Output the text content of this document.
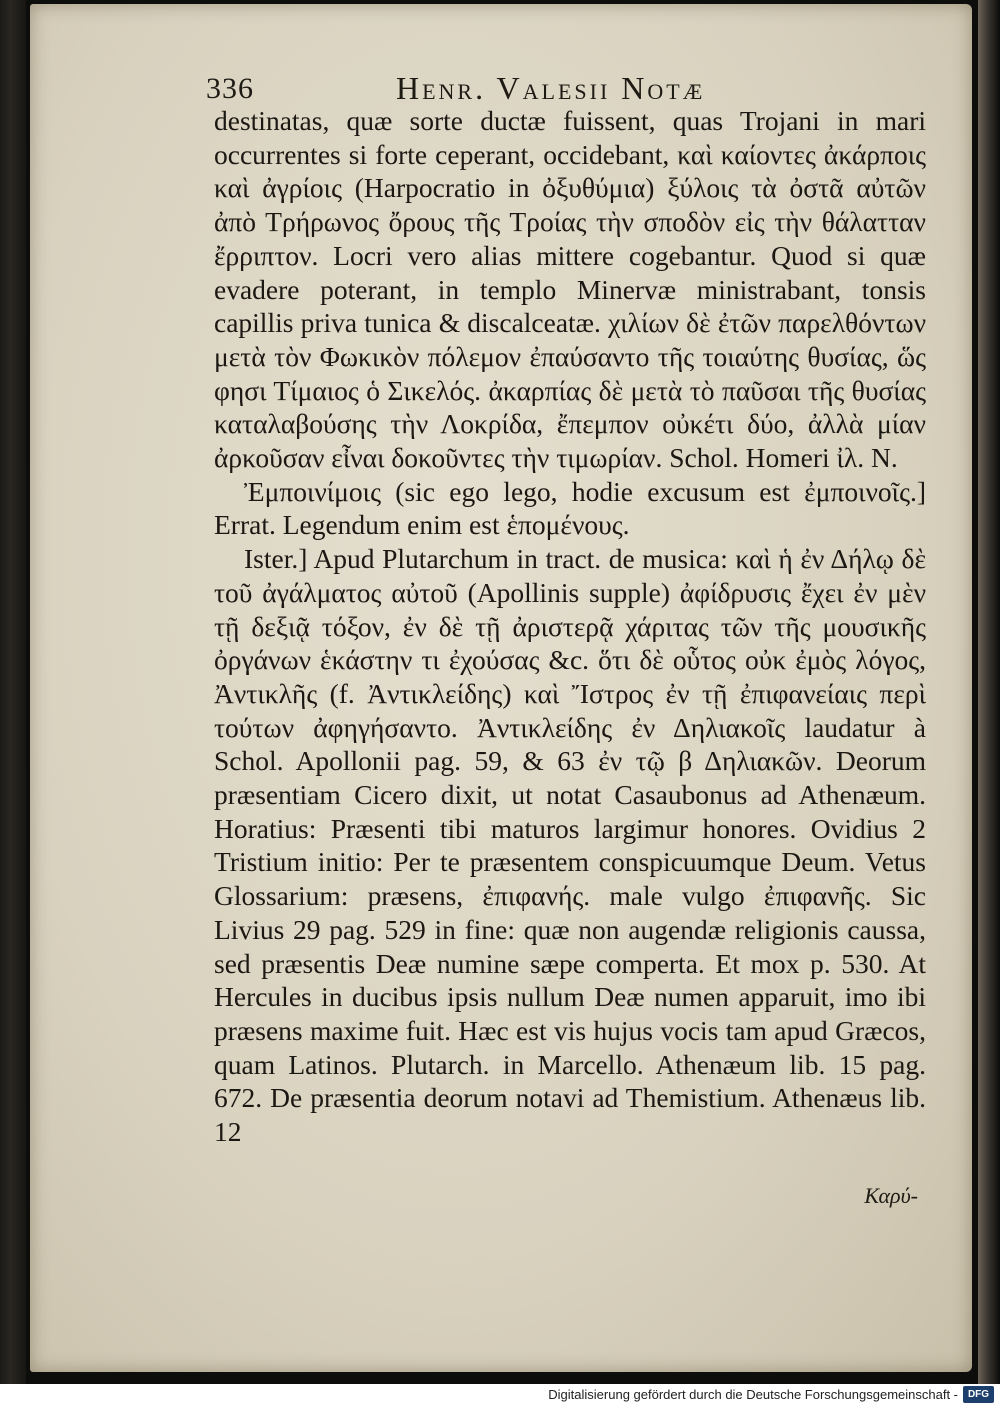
336	Henr. Valesii Notæ

destinatas, quæ sorte ductæ fuissent, quas Trojani in mari occurrentes si forte ceperant, occidebant, καὶ καίοντες ἀκάρποις καὶ ἀγρίοις (Harpocratio in ὀξυθύμια) ξύλοις τὰ ὀστᾶ αὐτῶν ἀπὸ Τρήρωνος ὄρους τῆς Τροίας τὴν σποδὸν εἰς τὴν θάλατταν ἔρριπτον. Locri vero alias mittere cogebantur. Quod si quæ evadere poterant, in templo Minervæ ministrabant, tonsis capillis priva tunica & discalceatæ. χιλίων δὲ ἐτῶν παρελθόντων μετὰ τὸν Φωκικὸν πόλεμον ἐπαύσαντο τῆς τοιαύτης θυσίας, ὥς φησι Τίμαιος ὁ Σικελός. ἀκαρπίας δὲ μετὰ τὸ παῦσαι τῆς θυσίας καταλαβούσης τὴν Λοκρίδα, ἔπεμπον οὐκέτι δύο, ἀλλὰ μίαν ἀρκοῦσαν εἶναι δοκοῦντες τὴν τιμωρίαν. Schol. Homeri ἰλ. N.

Ἐμποινίμοις (sic ego lego, hodie excusum est ἐμποινοῖς.] Errat. Legendum enim est ἑπομένους.

Ister.] Apud Plutarchum in tract. de musica: καὶ ἡ ἐν Δήλῳ δὲ τοῦ ἀγάλματος αὐτοῦ (Apollinis supple) ἀφίδρυσις ἔχει ἐν μὲν τῇ δεξιᾷ τόξον, ἐν δὲ τῇ ἀριστερᾷ χάριτας τῶν τῆς μουσικῆς ὀργάνων ἑκάστην τι ἐχούσας &c. ὅτι δὲ οὗτος οὐκ ἐμὸς λόγος, Ἀντικλῆς (f. Ἀντικλείδης) καὶ Ἴστρος ἐν τῇ ἐπιφανείαις περὶ τούτων ἀφηγήσαντο. Ἀντικλείδης ἐν Δηλιακοῖς laudatur à Schol. Apollonii pag. 59, & 63 ἐν τῷ β Δηλιακῶν. Deorum præsentiam Cicero dixit, ut notat Casaubonus ad Athenæum. Horatius: Præsenti tibi maturos largimur honores. Ovidius 2 Tristium initio: Per te præsentem conspicuumque Deum. Vetus Glossarium: præsens, ἐπιφανής. male vulgo ἐπιφανῆς. Sic Livius 29 pag. 529 in fine: quæ non augendæ religionis caussa, sed præsentis Deæ numine sæpe comperta. Et mox p. 530. At Hercules in ducibus ipsis nullum Deæ numen apparuit, imo ibi præsens maxime fuit. Hæc est vis hujus vocis tam apud Græcos, quam Latinos. Plutarch. in Marcello. Athenæum lib. 15 pag. 672. De præsentia deorum notavi ad Themistium. Athenæus lib. 12

Καρύ-
Digitalisierung gefördert durch die Deutsche Forschungsgemeinschaft - DFG
